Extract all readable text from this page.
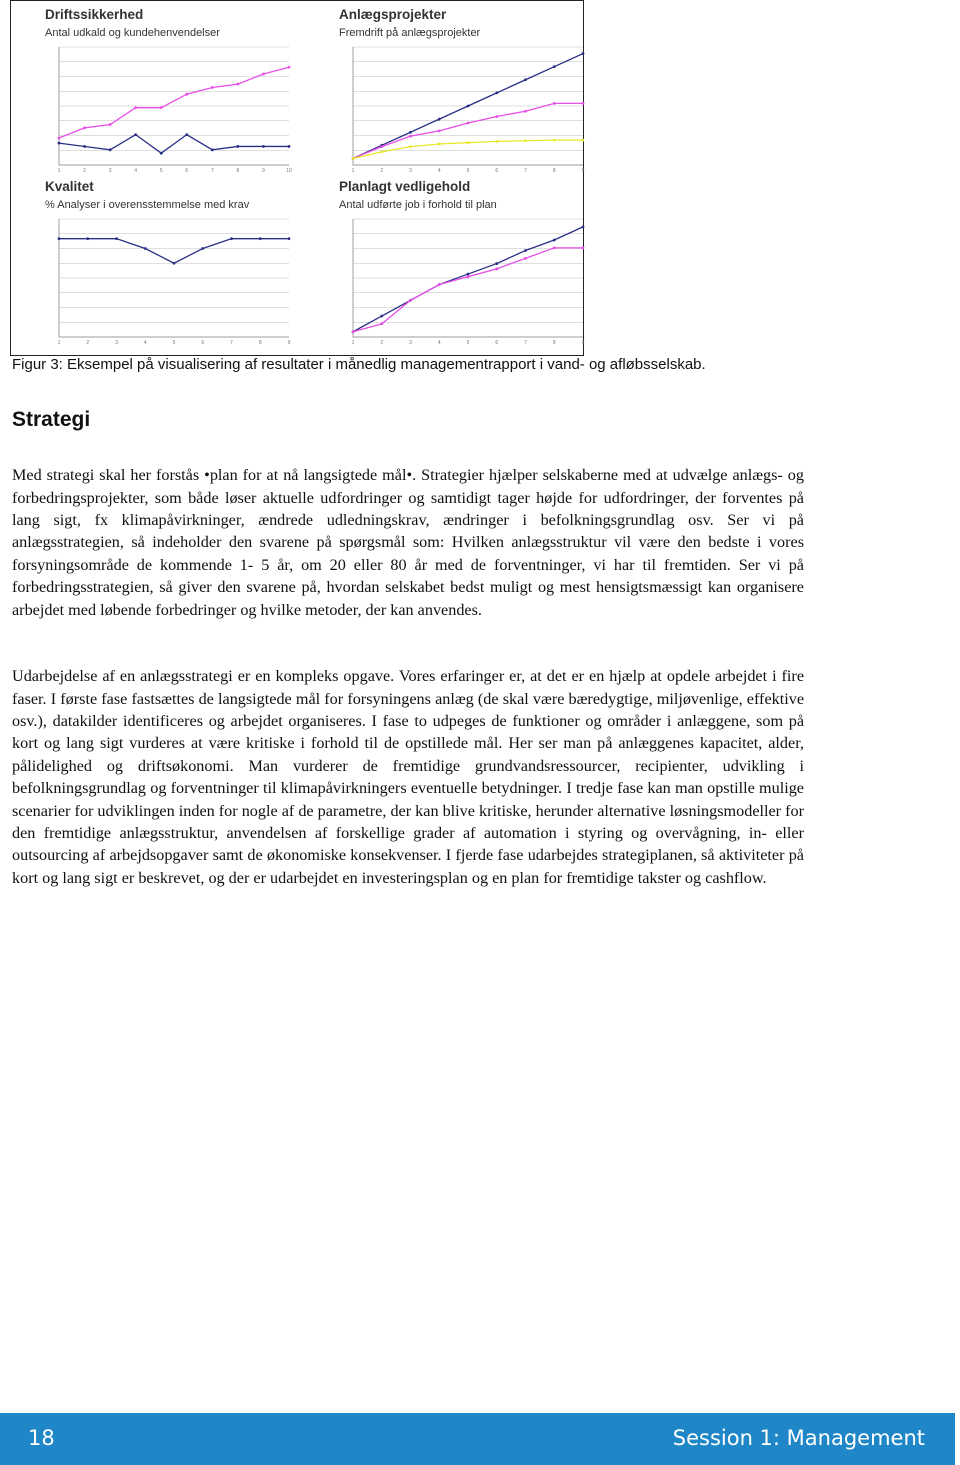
Driftssikkerhed
Antal udkald og kundehenvendelser
1	2	3	4	5	6	7	8	9	10
Anlægsprojekter
Fremdrift på anlægsprojekter
1	2	3	4	5	6	7	8	9
Kvalitet
% Analyser i overensstemmelse med krav
1	2	3	4	5	6	7	8	9
Planlagt vedligehold
Antal udførte job i forhold til plan
1	2	3	4	5	6	7	8	9
Figur 3: Eksempel på visualisering af resultater i månedlig managementrapport i vand- og afløbsselskab.
Strategi

Med strategi skal her forstås •plan for at nå langsigtede mål•. Strategier hjælper selskaberne med at udvælge anlægs- og forbedringsprojekter, som både løser aktuelle udfordringer og samtidigt tager højde for udfordringer, der forventes på lang sigt, fx klimapåvirkninger, ændrede udledningskrav, ændringer i befolkningsgrundlag osv. Ser vi på anlægsstrategien, så indeholder den svarene på spørgsmål som: Hvilken anlægsstruktur vil være den bedste i vores forsyningsområde de kommende 1- 5 år, om 20 eller 80 år med de forventninger, vi har til fremtiden. Ser vi på forbedringsstrategien, så giver den svarene på, hvordan selskabet bedst muligt og mest hensigtsmæssigt kan organisere arbejdet med løbende forbedringer og hvilke metoder, der kan anvendes.

Udarbejdelse af en anlægsstrategi er en kompleks opgave. Vores erfaringer er, at det er en hjælp at opdele arbejdet i fire faser. I første fase fastsættes de langsigtede mål for forsyningens anlæg (de skal være bæredygtige, miljøvenlige, effektive osv.), datakilder identificeres og arbejdet organiseres. I fase to udpeges de funktioner og områder i anlæggene, som på kort og lang sigt vurderes at være kritiske i forhold til de opstillede mål. Her ser man på anlæggenes kapacitet, alder, pålidelighed og driftsøkonomi. Man vurderer de fremtidige grundvandsressourcer, recipienter, udvikling i befolkningsgrundlag og forventninger til klimapåvirkningers eventuelle betydninger. I tredje fase kan man opstille mulige scenarier for udviklingen inden for nogle af de parametre, der kan blive kritiske, herunder alternative løsningsmodeller for den fremtidige anlægsstruktur, anvendelsen af forskellige grader af automation i styring og overvågning, in- eller outsourcing af arbejdsopgaver samt de økonomiske konsekvenser. I fjerde fase udarbejdes strategiplanen, så aktiviteter på kort og lang sigt er beskrevet, og der er udarbejdet en investeringsplan og en plan for fremtidige takster og cashflow.

18	Session 1: Management
